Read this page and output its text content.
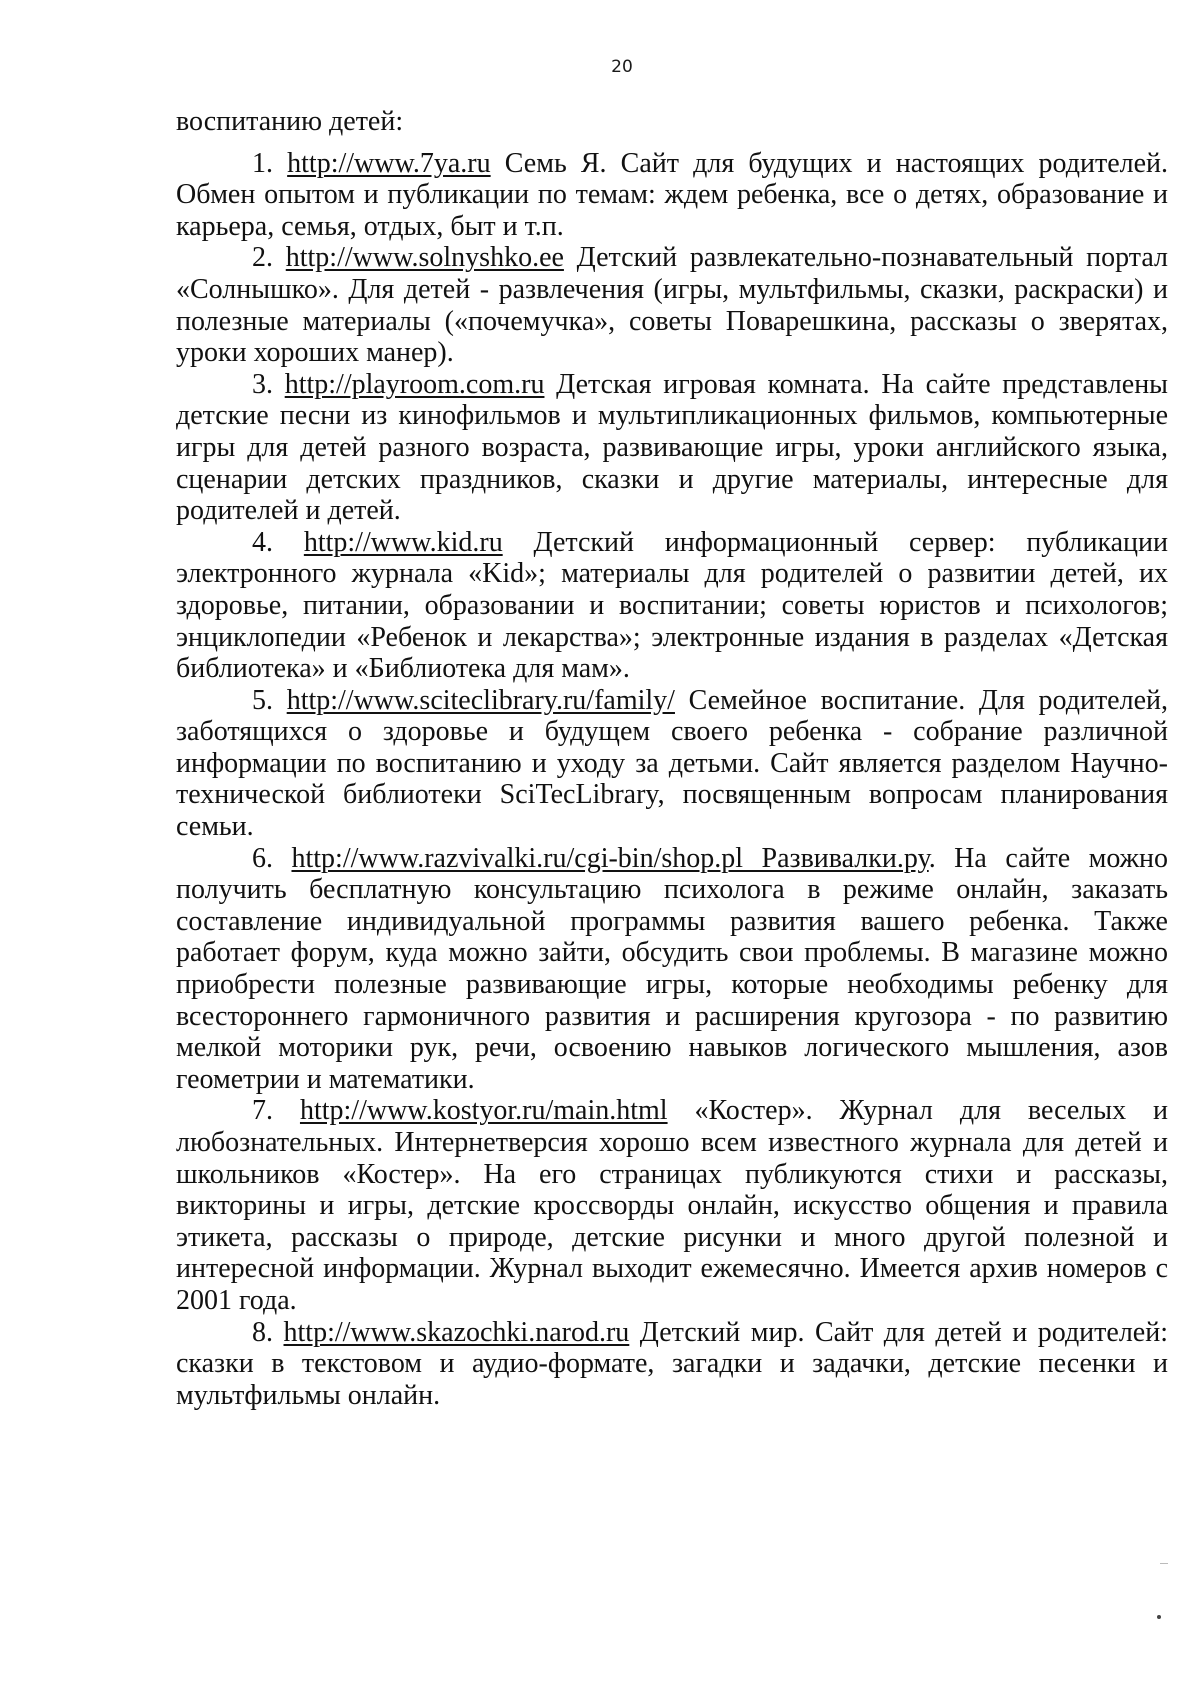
20

воспитанию детей:

1. http://www.7ya.ru Семь Я. Сайт для будущих и настоящих родителей. Обмен опытом и публикации по темам: ждем ребенка, все о детях, образование и карьера, семья, отдых, быт и т.п.

2. http://www.solnyshko.ee Детский развлекательно-познавательный портал «Солнышко». Для детей - развлечения (игры, мультфильмы, сказки, раскраски) и полезные материалы («почемучка», советы Поварешкина, рассказы о зверятах, уроки хороших манер).

3. http://playroom.com.ru Детская игровая комната. На сайте представлены детские песни из кинофильмов и мультипликационных фильмов, компьютерные игры для детей разного возраста, развивающие игры, уроки английского языка, сценарии детских праздников, сказки и другие материалы, интересные для родителей и детей.

4. http://www.kid.ru Детский информационный сервер: публикации электронного журнала «Kid»; материалы для родителей о развитии детей, их здоровье, питании, образовании и воспитании; советы юристов и психологов; энциклопедии «Ребенок и лекарства»; электронные издания в разделах «Детская библиотека» и «Библиотека для мам».

5. http://www.sciteclibrary.ru/family/ Семейное воспитание. Для родителей, заботящихся о здоровье и будущем своего ребенка - собрание различной информации по воспитанию и уходу за детьми. Сайт является разделом Научно-технической библиотеки SciTecLibrary, посвященным вопросам планирования семьи.

6. http://www.razvivalki.ru/cgi-bin/shop.pl Развивалки.ру. На сайте можно получить бесплатную консультацию психолога в режиме онлайн, заказать составление индивидуальной программы развития вашего ребенка. Также работает форум, куда можно зайти, обсудить свои проблемы. В магазине можно приобрести полезные развивающие игры, которые необходимы ребенку для всестороннего гармоничного развития и расширения кругозора - по развитию мелкой моторики рук, речи, освоению навыков логического мышления, азов геометрии и математики.

7. http://www.kostyor.ru/main.html «Костер». Журнал для веселых и любознательных. Интернетверсия хорошо всем известного журнала для детей и школьников «Костер». На его страницах публикуются стихи и рассказы, викторины и игры, детские кроссворды онлайн, искусство общения и правила этикета, рассказы о природе, детские рисунки и много другой полезной и интересной информации. Журнал выходит ежемесячно. Имеется архив номеров с 2001 года.

8. http://www.skazochki.narod.ru Детский мир. Сайт для детей и родителей: сказки в текстовом и аудио-формате, загадки и задачки, детские песенки и мультфильмы онлайн.
